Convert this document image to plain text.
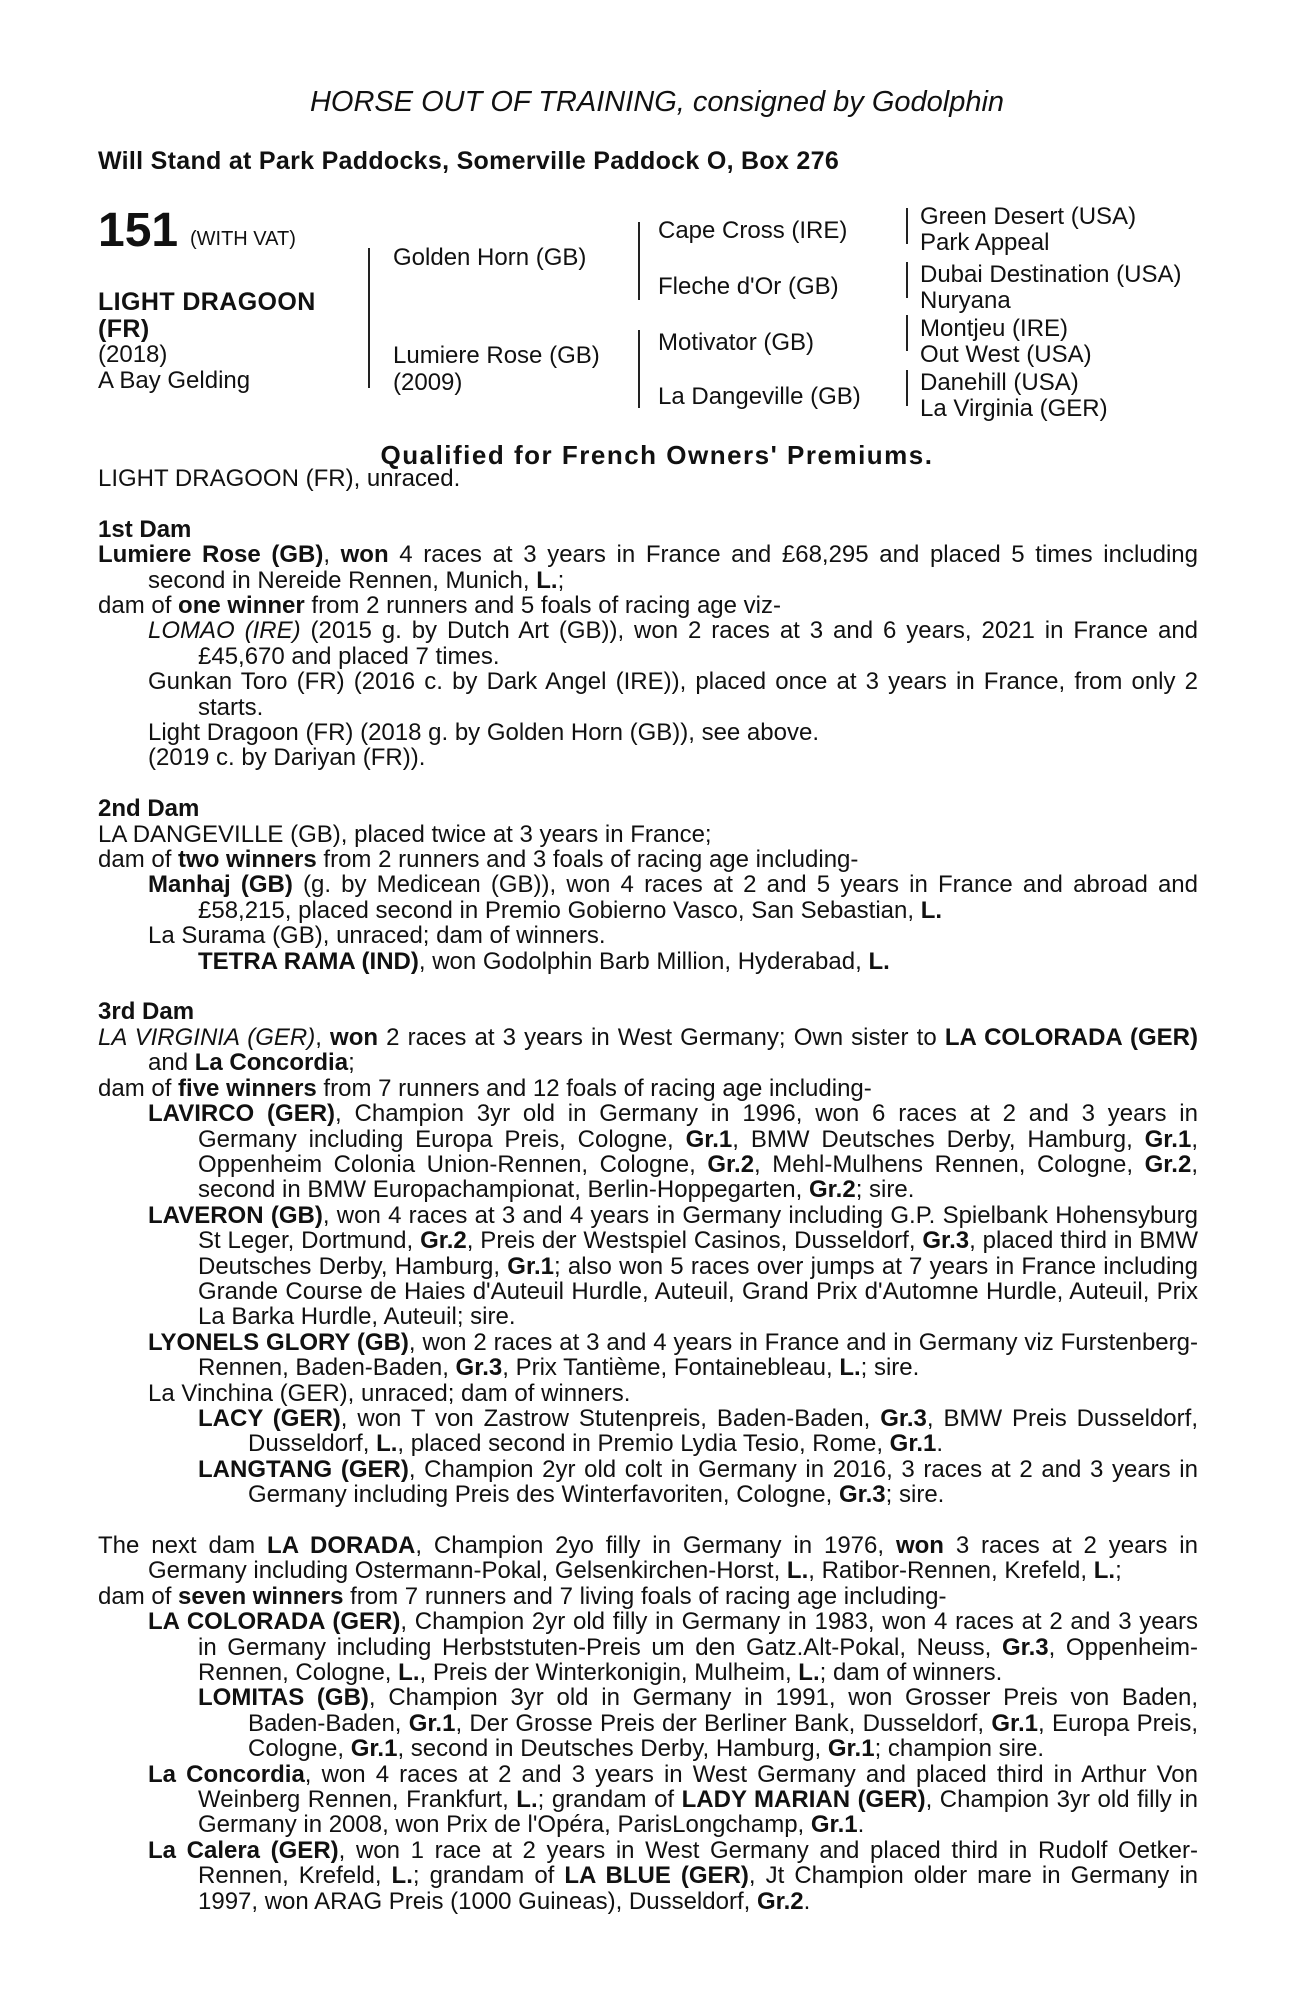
HORSE OUT OF TRAINING, consigned by Godolphin
Will Stand at Park Paddocks, Somerville Paddock O, Box 276
151 (WITH VAT)
LIGHT DRAGOON
(FR)
(2018)
A Bay Gelding
Golden Horn (GB)
Lumiere Rose (GB)
(2009)
Cape Cross (IRE)
Fleche d'Or (GB)
Motivator (GB)
La Dangeville (GB)
Green Desert (USA)
Park Appeal
Dubai Destination (USA)
Nuryana
Montjeu (IRE)
Out West (USA)
Danehill (USA)
La Virginia (GER)
Qualified for French Owners' Premiums.
LIGHT DRAGOON (FR), unraced.
1st Dam
Lumiere Rose (GB), won 4 races at 3 years in France and £68,295 and placed 5 times including second in Nereide Rennen, Munich, L.;
dam of one winner from 2 runners and 5 foals of racing age viz-
LOMAO (IRE) (2015 g. by Dutch Art (GB)), won 2 races at 3 and 6 years, 2021 in France and £45,670 and placed 7 times.
Gunkan Toro (FR) (2016 c. by Dark Angel (IRE)), placed once at 3 years in France, from only 2 starts.
Light Dragoon (FR) (2018 g. by Golden Horn (GB)), see above.
(2019 c. by Dariyan (FR)).
2nd Dam
LA DANGEVILLE (GB), placed twice at 3 years in France;
dam of two winners from 2 runners and 3 foals of racing age including-
Manhaj (GB) (g. by Medicean (GB)), won 4 races at 2 and 5 years in France and abroad and £58,215, placed second in Premio Gobierno Vasco, San Sebastian, L.
La Surama (GB), unraced; dam of winners.
TETRA RAMA (IND), won Godolphin Barb Million, Hyderabad, L.
3rd Dam
LA VIRGINIA (GER), won 2 races at 3 years in West Germany; Own sister to LA COLORADA (GER) and La Concordia;
dam of five winners from 7 runners and 12 foals of racing age including-
LAVIRCO (GER), Champion 3yr old in Germany in 1996, won 6 races at 2 and 3 years in Germany including Europa Preis, Cologne, Gr.1, BMW Deutsches Derby, Hamburg, Gr.1, Oppenheim Colonia Union-Rennen, Cologne, Gr.2, Mehl-Mulhens Rennen, Cologne, Gr.2, second in BMW Europachampionat, Berlin-Hoppegarten, Gr.2; sire.
LAVERON (GB), won 4 races at 3 and 4 years in Germany including G.P. Spielbank Hohensyburg St Leger, Dortmund, Gr.2, Preis der Westspiel Casinos, Dusseldorf, Gr.3, placed third in BMW Deutsches Derby, Hamburg, Gr.1; also won 5 races over jumps at 7 years in France including Grande Course de Haies d'Auteuil Hurdle, Auteuil, Grand Prix d'Automne Hurdle, Auteuil, Prix La Barka Hurdle, Auteuil; sire.
LYONELS GLORY (GB), won 2 races at 3 and 4 years in France and in Germany viz Furstenberg-Rennen, Baden-Baden, Gr.3, Prix Tantième, Fontainebleau, L.; sire.
La Vinchina (GER), unraced; dam of winners.
LACY (GER), won T von Zastrow Stutenpreis, Baden-Baden, Gr.3, BMW Preis Dusseldorf, Dusseldorf, L., placed second in Premio Lydia Tesio, Rome, Gr.1.
LANGTANG (GER), Champion 2yr old colt in Germany in 2016, 3 races at 2 and 3 years in Germany including Preis des Winterfavoriten, Cologne, Gr.3; sire.
The next dam LA DORADA, Champion 2yo filly in Germany in 1976, won 3 races at 2 years in Germany including Ostermann-Pokal, Gelsenkirchen-Horst, L., Ratibor-Rennen, Krefeld, L.;
dam of seven winners from 7 runners and 7 living foals of racing age including-
LA COLORADA (GER), Champion 2yr old filly in Germany in 1983, won 4 races at 2 and 3 years in Germany including Herbststuten-Preis um den Gatz.Alt-Pokal, Neuss, Gr.3, Oppenheim-Rennen, Cologne, L., Preis der Winterkonigin, Mulheim, L.; dam of winners.
LOMITAS (GB), Champion 3yr old in Germany in 1991, won Grosser Preis von Baden, Baden-Baden, Gr.1, Der Grosse Preis der Berliner Bank, Dusseldorf, Gr.1, Europa Preis, Cologne, Gr.1, second in Deutsches Derby, Hamburg, Gr.1; champion sire.
La Concordia, won 4 races at 2 and 3 years in West Germany and placed third in Arthur Von Weinberg Rennen, Frankfurt, L.; grandam of LADY MARIAN (GER), Champion 3yr old filly in Germany in 2008, won Prix de l'Opéra, ParisLongchamp, Gr.1.
La Calera (GER), won 1 race at 2 years in West Germany and placed third in Rudolf Oetker-Rennen, Krefeld, L.; grandam of LA BLUE (GER), Jt Champion older mare in Germany in 1997, won ARAG Preis (1000 Guineas), Dusseldorf, Gr.2.
